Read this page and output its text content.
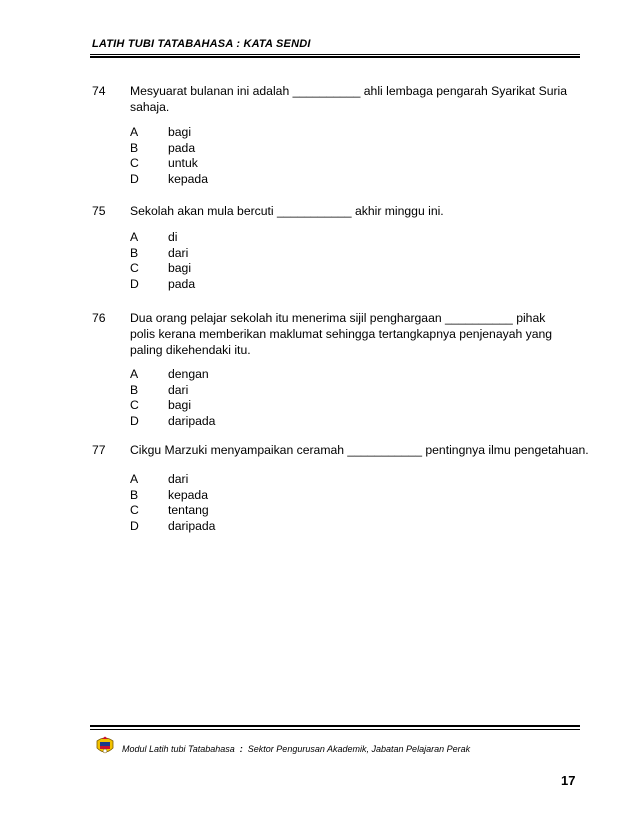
LATIH TUBI TATABAHASA : KATA SENDI
74 Mesyuarat bulanan ini adalah __________ ahli lembaga pengarah Syarikat Suria sahaja.
A bagi
B pada
C untuk
D kepada
75 Sekolah akan mula bercuti ___________ akhir minggu ini.
A di
B dari
C bagi
D pada
76 Dua orang pelajar sekolah itu menerima sijil penghargaan __________ pihak polis kerana memberikan maklumat sehingga tertangkapnya penjenayah yang paling dikehendaki itu.
A dengan
B dari
C bagi
D daripada
77 Cikgu Marzuki menyampaikan ceramah ___________ pentingnya ilmu pengetahuan.
A dari
B kepada
C tentang
D daripada
Modul Latih tubi Tatabahasa : Sektor Pengurusan Akademik, Jabatan Pelajaran Perak
17
